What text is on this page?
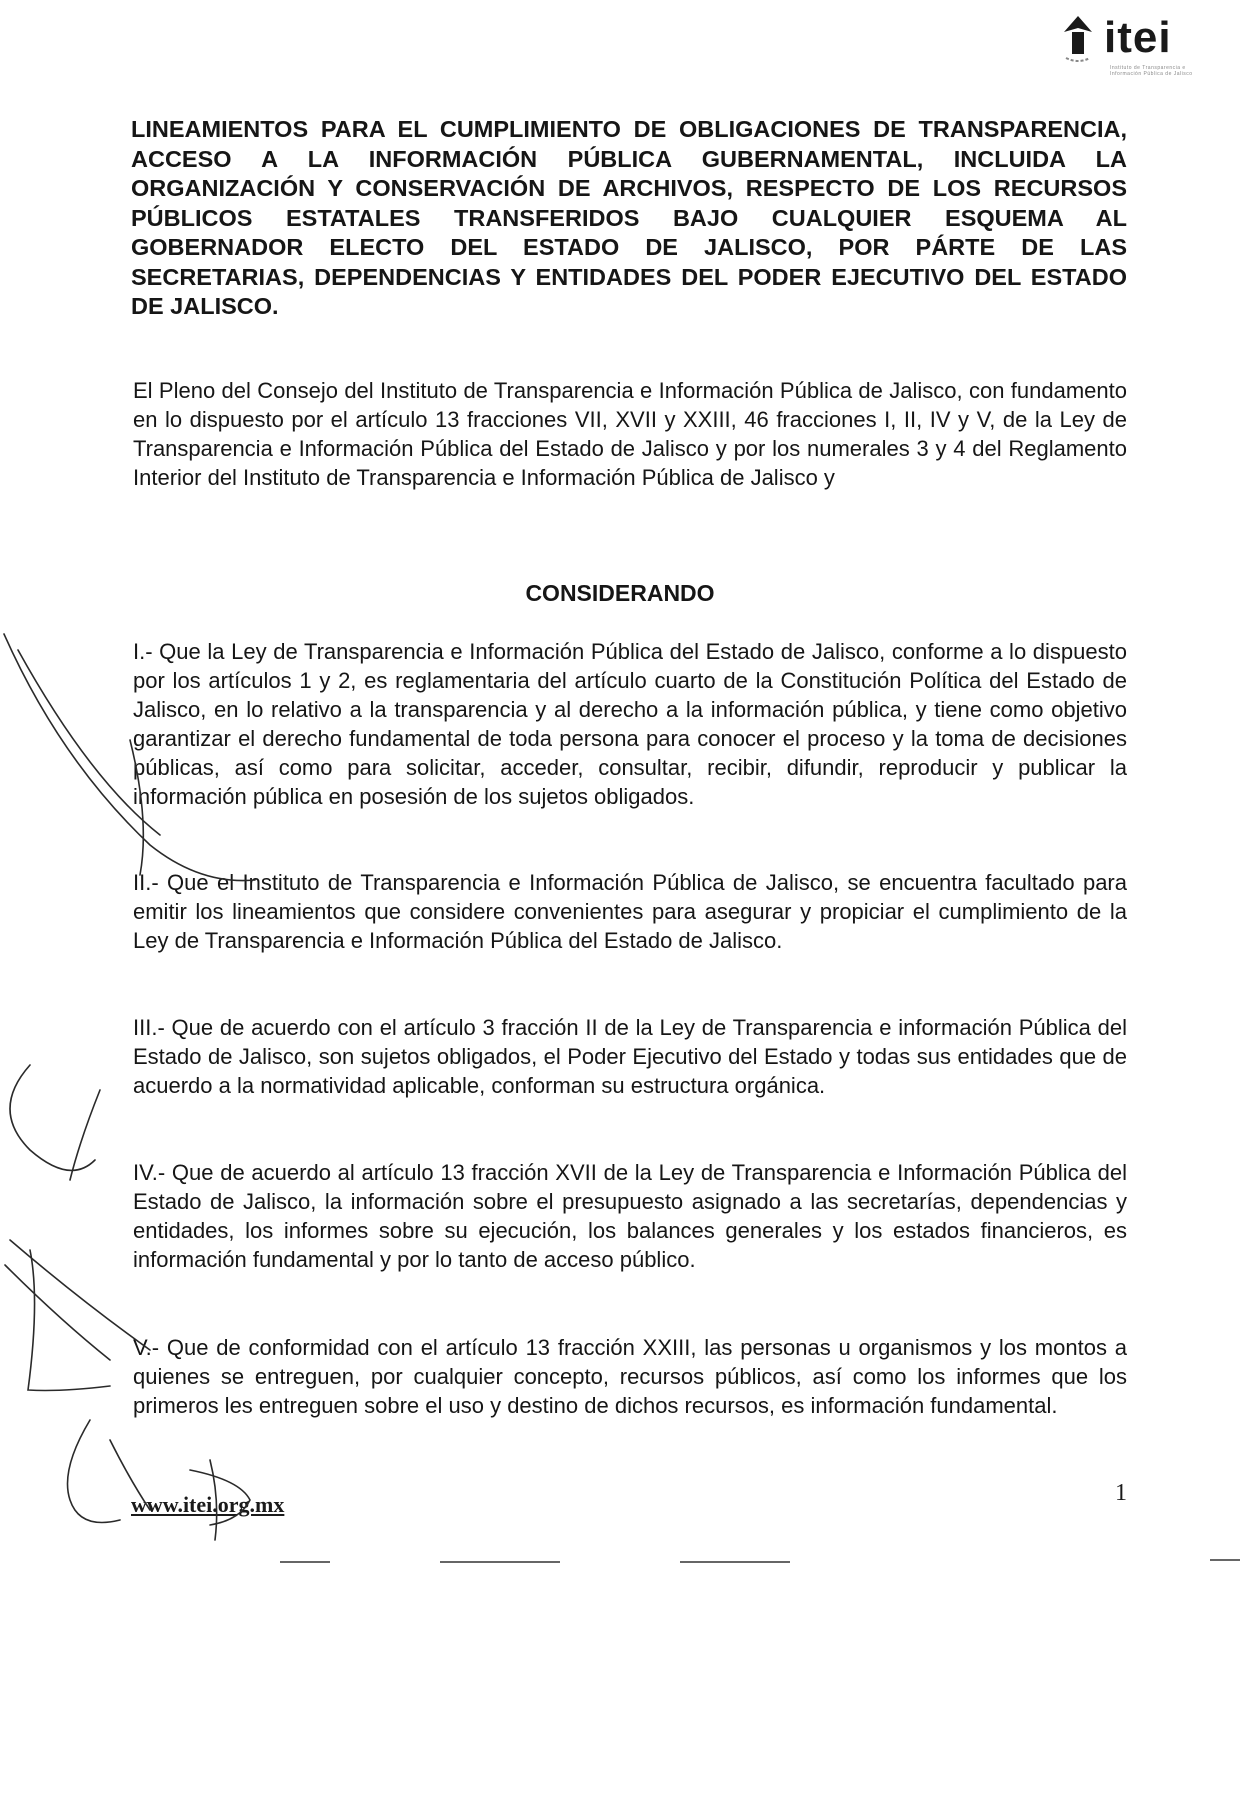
itei
Instituto de Transparencia e Información Pública de Jalisco
LINEAMIENTOS PARA EL CUMPLIMIENTO DE OBLIGACIONES DE TRANSPARENCIA, ACCESO A LA INFORMACIÓN PÚBLICA GUBERNAMENTAL, INCLUIDA LA ORGANIZACIÓN Y CONSERVACIÓN DE ARCHIVOS, RESPECTO DE LOS RECURSOS PÚBLICOS ESTATALES TRANSFERIDOS BAJO CUALQUIER ESQUEMA AL GOBERNADOR ELECTO DEL ESTADO DE JALISCO, POR PÁRTE DE LAS SECRETARIAS, DEPENDENCIAS Y ENTIDADES DEL PODER EJECUTIVO DEL ESTADO DE JALISCO.

El Pleno del Consejo del Instituto de Transparencia e Información Pública de Jalisco, con fundamento en lo dispuesto por el artículo 13 fracciones VII, XVII y XXIII, 46 fracciones I, II, IV y V, de la Ley de Transparencia e Información Pública del Estado de Jalisco y por los numerales 3 y 4 del Reglamento Interior del Instituto de Transparencia e Información Pública de Jalisco y

CONSIDERANDO

I.- Que la Ley de Transparencia e Información Pública del Estado de Jalisco, conforme a lo dispuesto por los artículos 1 y 2, es reglamentaria del artículo cuarto de la Constitución Política del Estado de Jalisco, en lo relativo a la transparencia y al derecho a la información pública, y tiene como objetivo garantizar el derecho fundamental de toda persona para conocer el proceso y la toma de decisiones públicas, así como para solicitar, acceder, consultar, recibir, difundir, reproducir y publicar la información pública en posesión de los sujetos obligados.

II.- Que el Instituto de Transparencia e Información Pública de Jalisco, se encuentra facultado para emitir los lineamientos que considere convenientes para asegurar y propiciar el cumplimiento de la Ley de Transparencia e Información Pública del Estado de Jalisco.

III.- Que de acuerdo con el artículo 3 fracción II de la Ley de Transparencia e información Pública del Estado de Jalisco, son sujetos obligados, el Poder Ejecutivo del Estado y todas sus entidades que de acuerdo a la normatividad aplicable, conforman su estructura orgánica.

IV.- Que de acuerdo al artículo 13 fracción XVII de la Ley de Transparencia e Información Pública del Estado de Jalisco, la información sobre el presupuesto asignado a las secretarías, dependencias y entidades, los informes sobre su ejecución, los balances generales y los estados financieros, es información fundamental y por lo tanto de acceso público.

V.- Que de conformidad con el artículo 13 fracción XXIII, las personas u organismos y los montos a quienes se entreguen, por cualquier concepto, recursos públicos, así como los informes que los primeros les entreguen sobre el uso y destino de dichos recursos, es información fundamental.

www.itei.org.mx	1
